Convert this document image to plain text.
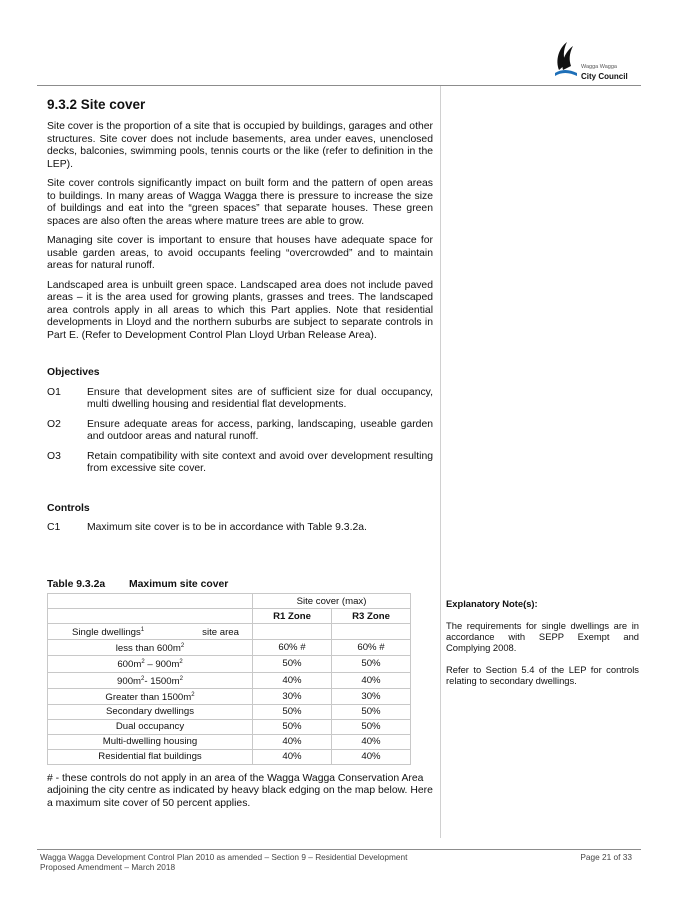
Wagga Wagga
City Council
9.3.2 Site cover

Site cover is the proportion of a site that is occupied by buildings, garages and other structures. Site cover does not include basements, area under eaves, unenclosed decks, balconies, swimming pools, tennis courts or the like (refer to definition in the LEP).

Site cover controls significantly impact on built form and the pattern of open areas to buildings. In many areas of Wagga Wagga there is pressure to increase the size of buildings and eat into the “green spaces” that separate houses. These green spaces are also often the areas where mature trees are able to grow.

Managing site cover is important to ensure that houses have adequate space for usable garden areas, to avoid occupants feeling “overcrowded” and to maintain areas for natural runoff.

Landscaped area is unbuilt green space. Landscaped area does not include paved areas – it is the area used for growing plants, grasses and trees. The landscaped area controls apply in all areas to which this Part applies. Note that residential developments in Lloyd and the northern suburbs are subject to separate controls in Part E. (Refer to Development Control Plan Lloyd Urban Release Area).

Objectives
O1	Ensure that development sites are of sufficient size for dual occupancy, multi dwelling housing and residential flat developments.
O2	Ensure adequate areas for access, parking, landscaping, useable garden and outdoor areas and natural runoff.
O3	Retain compatibility with site context and avoid over development resulting from excessive site cover.
Controls
C1	Maximum site cover is to be in accordance with Table 9.3.2a.
Table 9.3.2a Maximum site cover
	Site cover (max)	
	R1 Zone	R3 Zone
Single dwellings$^1$ site area		
less than $600m^2$	60% #	60% #
$600m^2 - 900m^2$	50%	50%
$900m^2-$ $1500m^2$	40%	40%
Greater than $1500m^2$	30%	30%
Secondary dwellings	50%	50%
Dual occupancy	50%	50%
Multi-dwelling housing	40%	40%
Residential flat buildings	40%	40%

# - these controls do not apply in an area of the Wagga Wagga Conservation Area adjoining the city centre as indicated by heavy black edging on the map below. Here a maximum site cover of 50 percent applies.

Explanatory Note(s):

The requirements for single dwellings are in accordance with SEPP Exempt and Complying 2008.

Refer to Section 5.4 of the LEP for controls relating to secondary dwellings.

Wagga Wagga Development Control Plan 2010 as amended – Section 9 – Residential Development
Proposed Amendment – March 2018
Page 21 of 33
